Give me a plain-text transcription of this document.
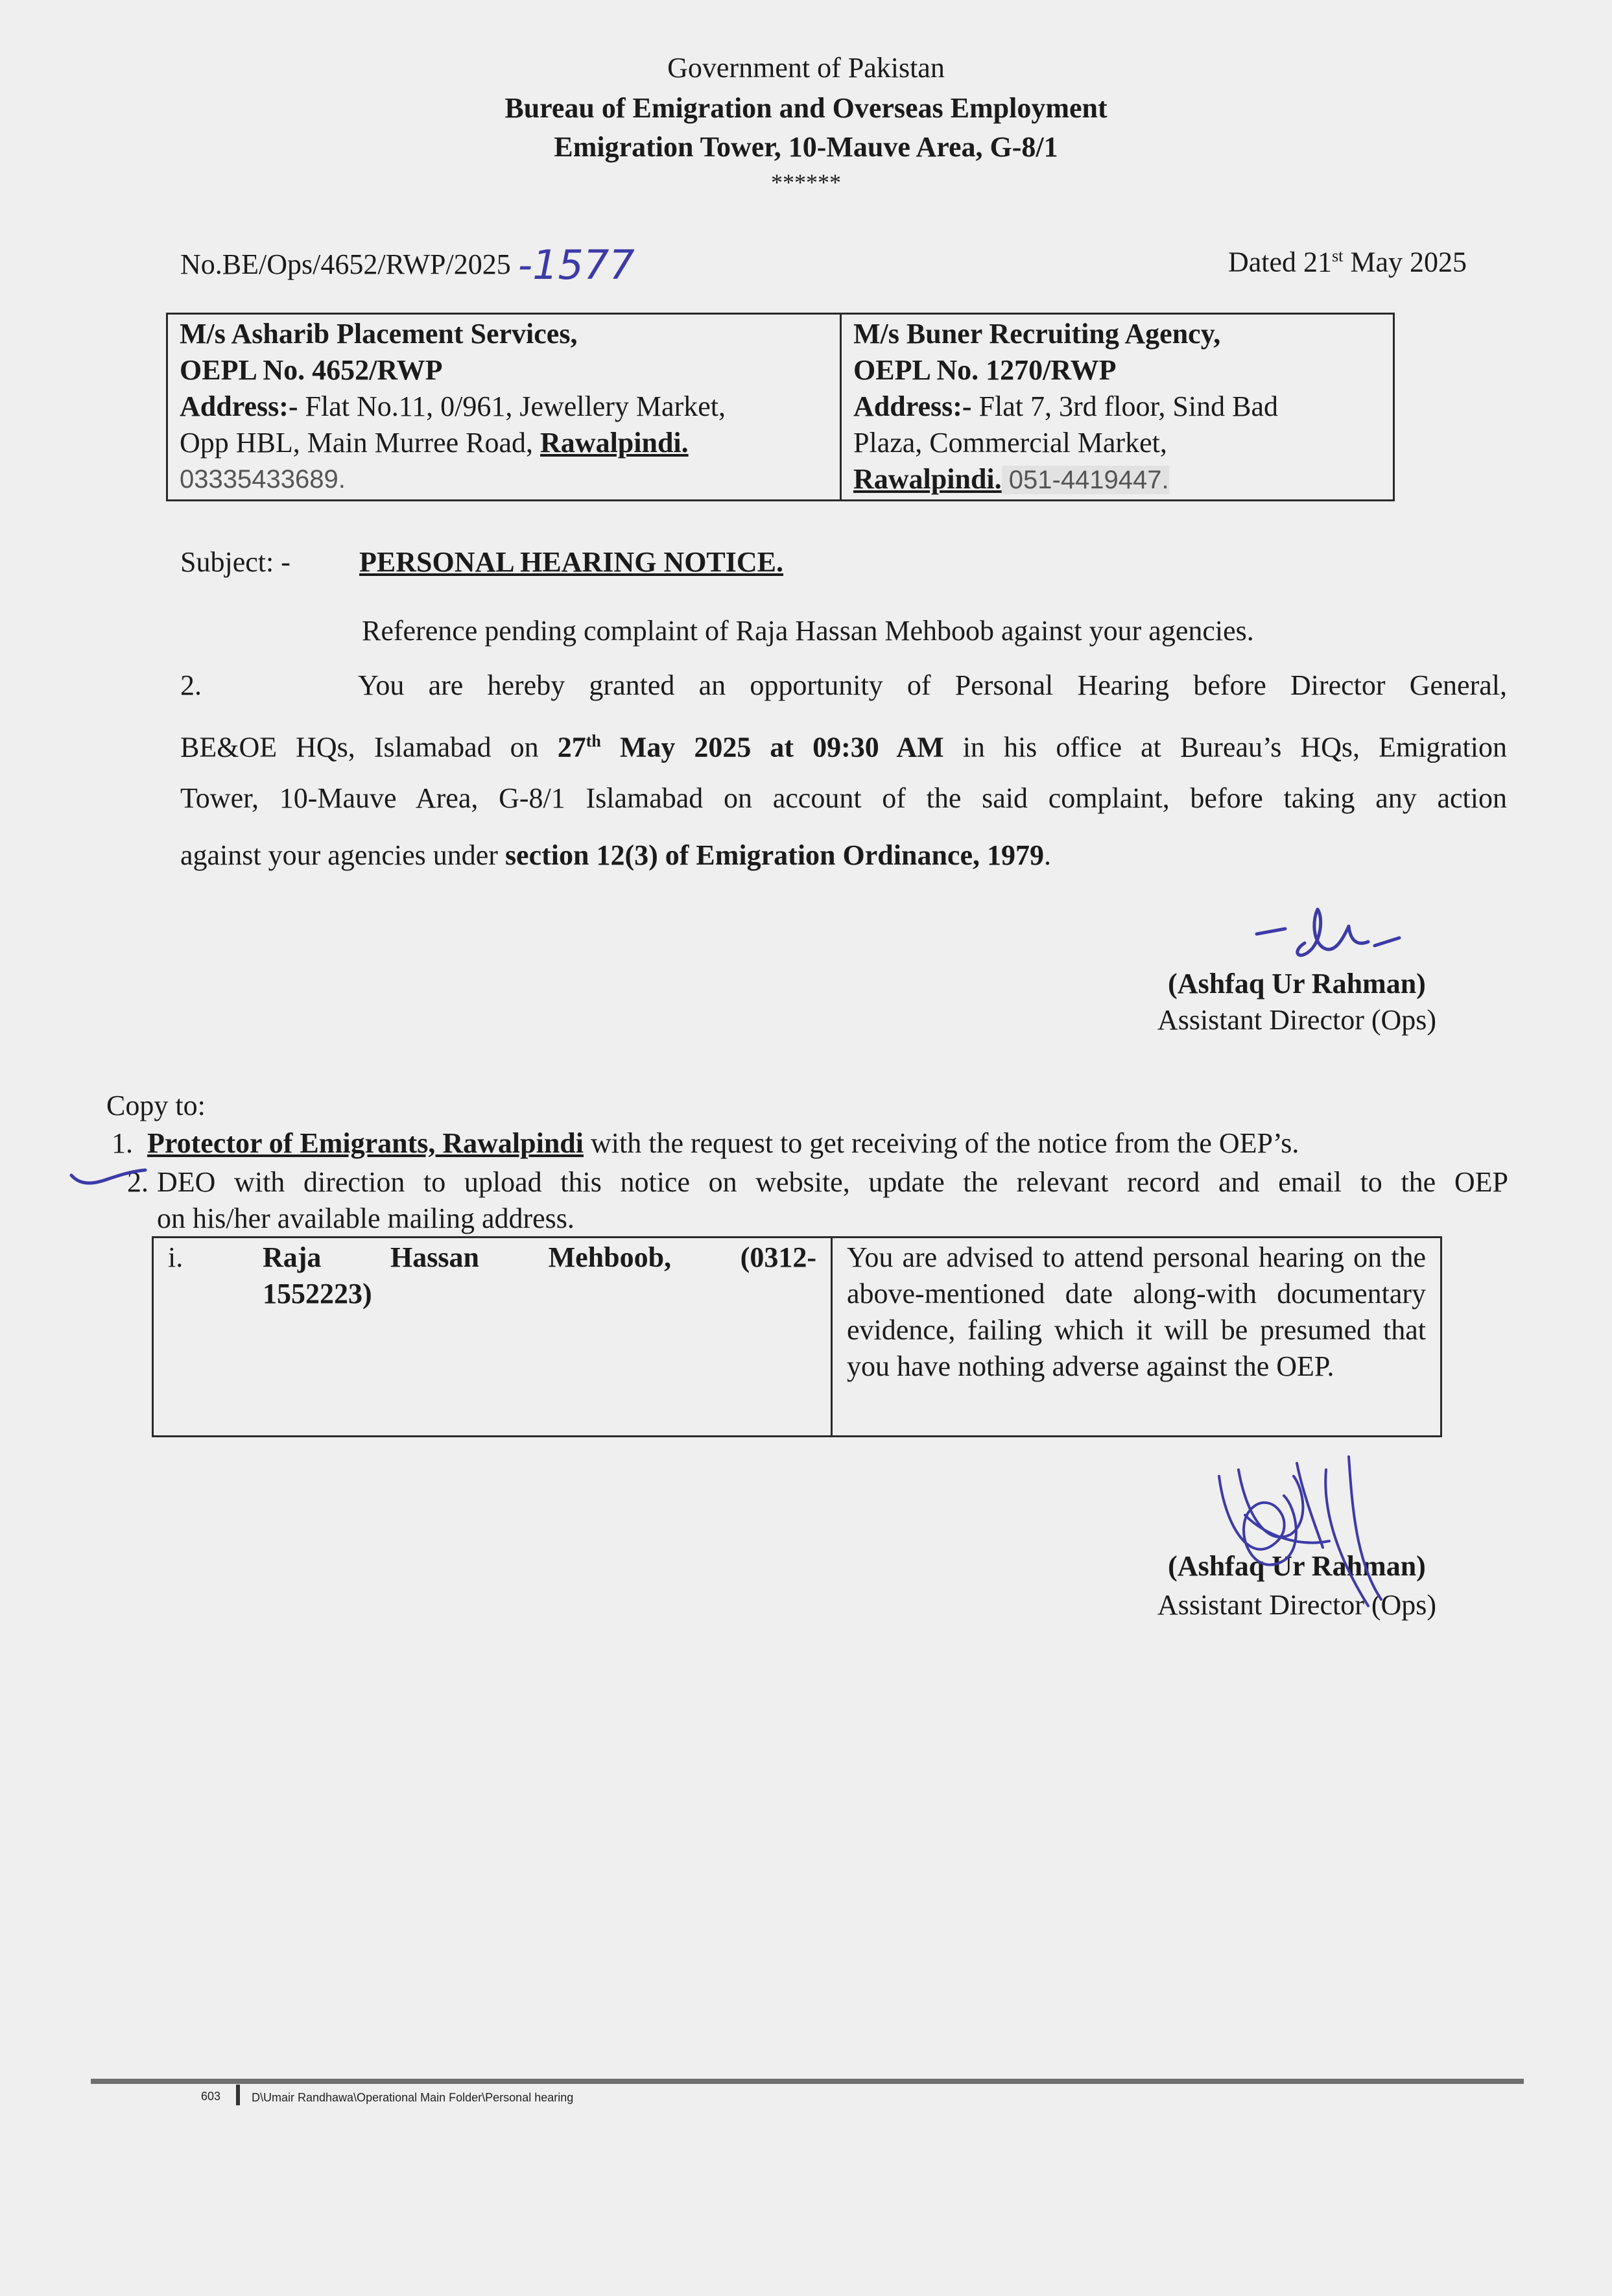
Government of Pakistan
Bureau of Emigration and Overseas Employment
Emigration Tower, 10-Mauve Area, G-8/1
******
No.BE/Ops/4652/RWP/2025 -1577	Dated 21st May 2025
M/s Asharib Placement Services,
OEPL No. 4652/RWP
Address:- Flat No.11, 0/961, Jewellery Market,
Opp HBL, Main Murree Road, Rawalpindi.
03335433689.

M/s Buner Recruiting Agency,
OEPL No. 1270/RWP
Address:- Flat 7, 3rd floor, Sind Bad
Plaza, Commercial Market,
Rawalpindi. 051-4419447.
Subject: - PERSONAL HEARING NOTICE.
Reference pending complaint of Raja Hassan Mehboob against your agencies.
2.	You are hereby granted an opportunity of Personal Hearing before Director General,
BE&OE HQs, Islamabad on 27th May 2025 at 09:30 AM in his office at Bureau’s HQs, Emigration
Tower, 10-Mauve Area, G-8/1 Islamabad on account of the said complaint, before taking any action
against your agencies under section 12(3) of Emigration Ordinance, 1979.
(Ashfaq Ur Rahman)
Assistant Director (Ops)
Copy to:
1. Protector of Emigrants, Rawalpindi with the request to get receiving of the notice from the OEP’s.
2. DEO with direction to upload this notice on website, update the relevant record and email to the OEP
on his/her available mailing address.
i.	Raja Hassan Mehboob, (0312-
1552223)
	You are advised to attend personal hearing on the above-mentioned date along-with documentary evidence, failing which it will be presumed that you have nothing adverse against the OEP.
(Ashfaq Ur Rahman)
Assistant Director (Ops)
603	D\Umair Randhawa\Operational Main Folder\Personal hearing
